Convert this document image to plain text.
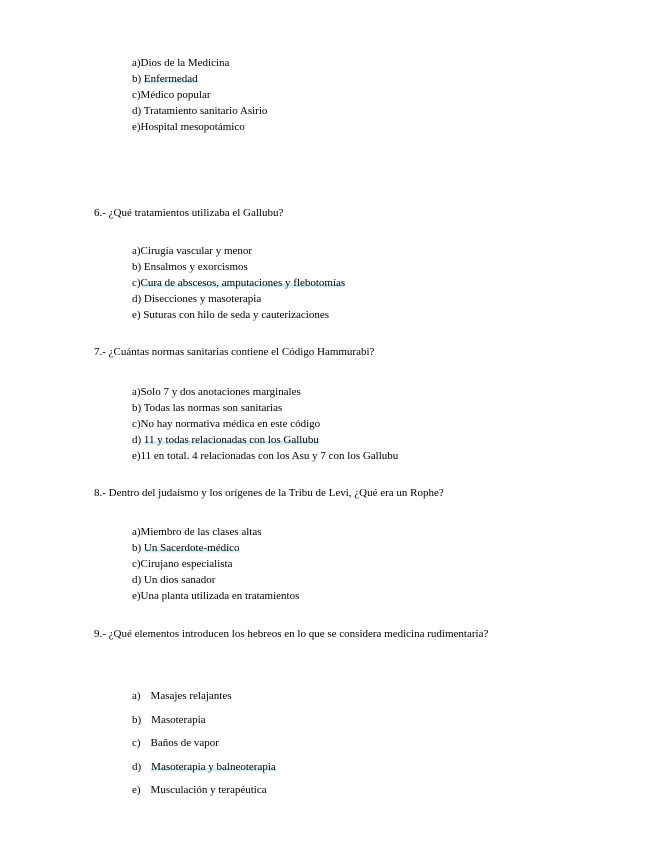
a)Dios de la Medicina
b) Enfermedad
c)Médico popular
d) Tratamiento sanitario Asirio
e)Hospital mesopotámico

6.- ¿Qué tratamientos utilizaba el Gallubu?

a)Cirugía vascular y menor
b) Ensalmos y exorcismos
c)Cura de abscesos, amputaciones y flebotomías
d) Disecciones y masoterapia
e) Suturas con hilo de seda y cauterizaciones

7.- ¿Cuántas normas sanitarias contiene el Código Hammurabi?

a)Solo 7 y dos anotaciones marginales
b) Todas las normas son sanitarias
c)No hay normativa médica en este código
d) 11 y todas relacionadas con los Gallubu
e)11 en total. 4 relacionadas con los Asu y 7 con los Gallubu

8.- Dentro del judaísmo y los orígenes de la Tribu de Levi, ¿Qué era un Rophe?

a)Miembro de las clases altas
b) Un Sacerdote-médico
c)Cirujano especialista
d) Un dios sanador
e)Una planta utilizada en tratamientos

9.- ¿Qué elementos introducen los hebreos en lo que se considera medicina rudimentaria?

a) Masajes relajantes
b) Masoterapia
c) Baños de vapor
d) Masoterapia y balneoterapia
e) Musculación y terapéutica
